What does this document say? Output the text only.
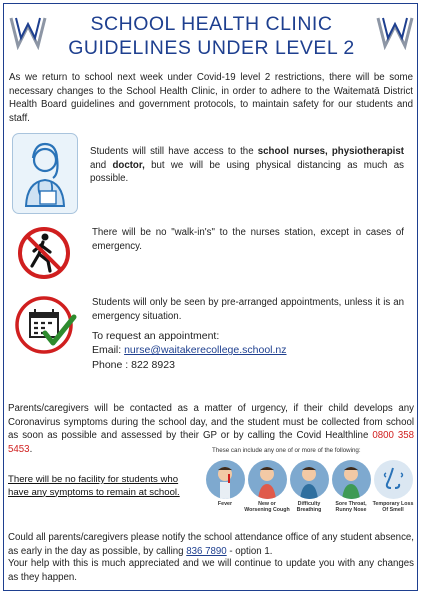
SCHOOL HEALTH CLINIC
GUIDELINES UNDER LEVEL 2
As we return to school next week under Covid-19 level 2 restrictions, there will be some necessary changes to the School Health Clinic, in order to adhere to the Waitematā District Health Board guidelines and government protocols, to maintain safety for our students and staff.
Students will still have access to the school nurses, physiotherapist and doctor, but we will be using physical distancing as much as possible.
There will be no "walk-in's" to the nurses station, except in cases of emergency.
Students will only be seen by pre-arranged appointments, unless it is an emergency situation.
To request an appointment:
Email: nurse@waitakerecollege.school.nz
Phone : 822 8923
Parents/caregivers will be contacted as a matter of urgency, if their child develops any Coronavirus symptoms during the school day, and the student must be collected from school as soon as possible and assessed by their GP or by calling the Covid Healthline 0800 358 5453.	These can include any one of or more of the following:
There will be no facility for students who
have any symptoms to remain at school.
Fever	New or Worsening Cough
Difficulty Breathing
Sore Throat, Runny Nose
Temporary Loss Of Smell
Could all parents/caregivers please notify the school attendance office of any student absence, as early in the day as possible, by calling 836 7890 - option 1.
Your help with this is much appreciated and we will continue to update you with any changes as they happen.
